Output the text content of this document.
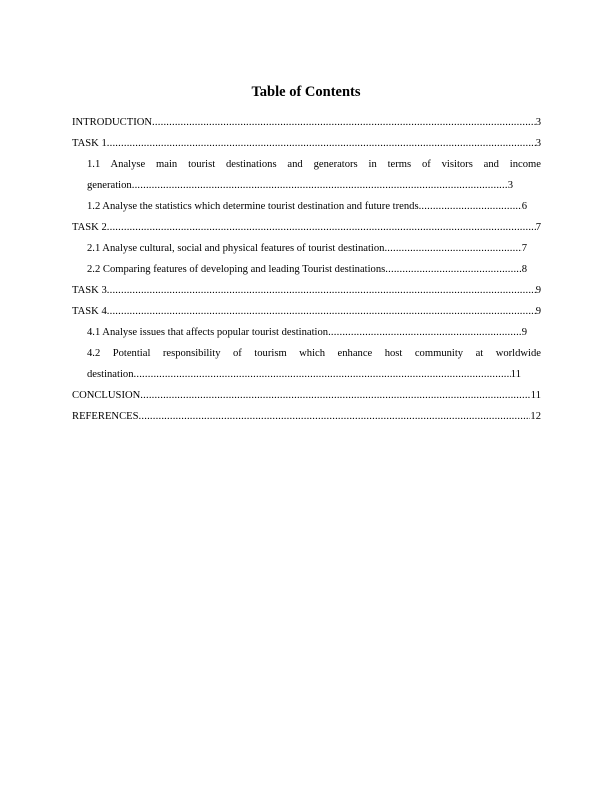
Table of Contents
INTRODUCTION .....	3
TASK 1 .....	3
1.1 Analyse main tourist destinations and generators in terms of visitors and income
generation .....	3
1.2 Analyse the statistics which determine tourist destination and future trends .....	6
TASK 2 .....	7
2.1 Analyse cultural, social and physical features of tourist destination .....	7
2.2 Comparing features of developing and leading Tourist destinations .....	8
TASK 3 .....	9
TASK 4 .....	9
4.1 Analyse issues that affects popular tourist destination .....	9
4.2 Potential responsibility of tourism which enhance host community at worldwide
destination .....	11
CONCLUSION .....	11
REFERENCES .....	12
